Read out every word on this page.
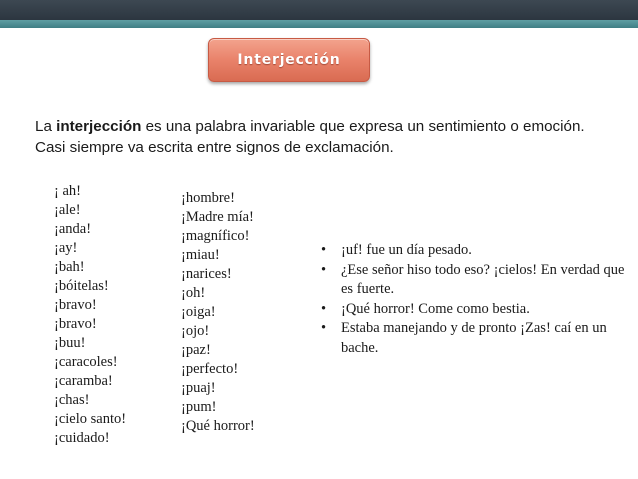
Interjección

La interjección es una palabra invariable que expresa un sentimiento o emoción. Casi siempre va escrita entre signos de exclamación.

¡ ah!
¡ale!
¡anda!
¡ay!
¡bah!
¡bóitelas!
¡bravo!
¡bravo!
¡buu!
¡caracoles!
¡caramba!
¡chas!
¡cielo santo!
¡cuidado!
¡hombre!
¡Madre mía!
¡magnífico!
¡miau!
¡narices!
¡oh!
¡oiga!
¡ojo!
¡paz!
¡perfecto!
¡puaj!
¡pum!
¡Qué horror!
• ¡uf! fue un día pesado.
• ¿Ese señor hiso todo eso? ¡cielos! En verdad que es fuerte.
• ¡Qué horror! Come como bestia.
• Estaba manejando y de pronto ¡Zas! caí en un bache.
